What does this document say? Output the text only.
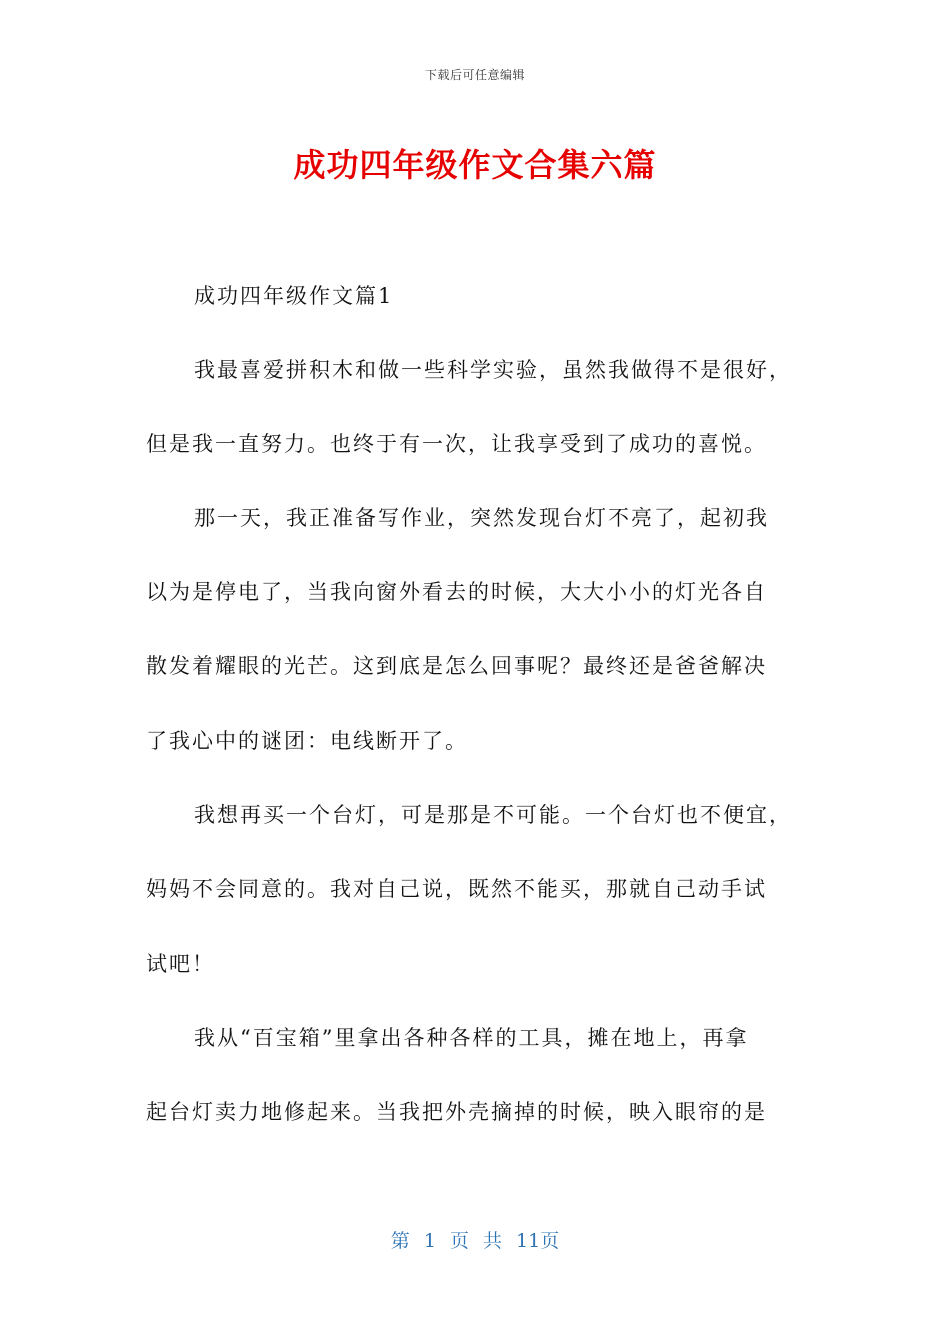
下载后可任意编辑
成功四年级作文合集六篇
成功四年级作文篇1
我最喜爱拼积木和做一些科学实验，虽然我做得不是很好，
但是我一直努力。也终于有一次，让我享受到了成功的喜悦。
那一天，我正准备写作业，突然发现台灯不亮了，起初我
以为是停电了，当我向窗外看去的时候，大大小小的灯光各自
散发着耀眼的光芒。这到底是怎么回事呢？最终还是爸爸解决
了我心中的谜团：电线断开了。
我想再买一个台灯，可是那是不可能。一个台灯也不便宜，
妈妈不会同意的。我对自己说，既然不能买，那就自己动手试
试吧！
我从“百宝箱”里拿出各种各样的工具，摊在地上，再拿
起台灯卖力地修起来。当我把外壳摘掉的时候，映入眼帘的是
第 1 页 共 11页
